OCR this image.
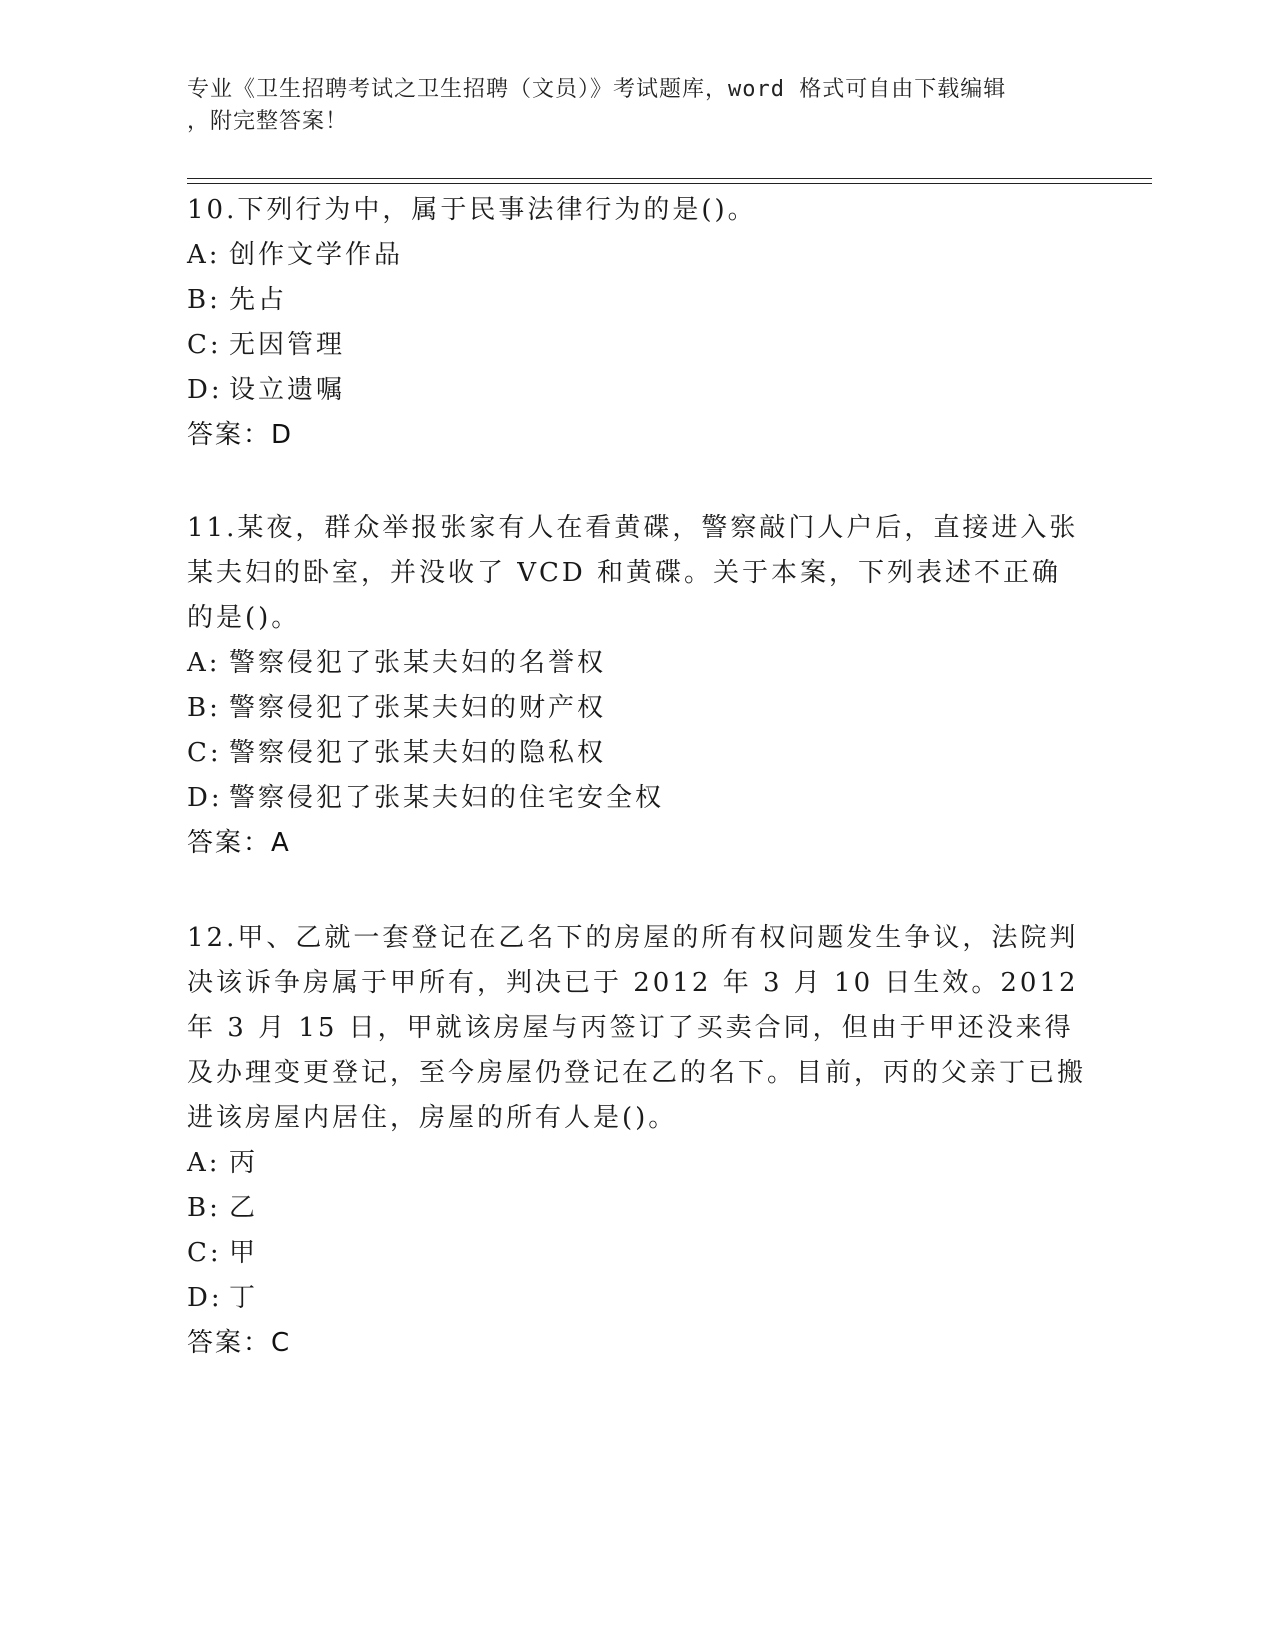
专业《卫生招聘考试之卫生招聘（文员）》考试题库，word 格式可自由下载编辑
，附完整答案！

10.下列行为中，属于民事法律行为的是()。

A: 创作文学作品

B: 先占

C: 无因管理

D: 设立遗嘱

答案：D

11.某夜，群众举报张家有人在看黄碟，警察敲门人户后，直接进入张某夫妇的卧室，并没收了 VCD 和黄碟。关于本案，下列表述不正确的是()。

A: 警察侵犯了张某夫妇的名誉权

B: 警察侵犯了张某夫妇的财产权

C: 警察侵犯了张某夫妇的隐私权

D: 警察侵犯了张某夫妇的住宅安全权

答案：A

12.甲、乙就一套登记在乙名下的房屋的所有权问题发生争议，法院判决该诉争房属于甲所有，判决已于 2012 年 3 月 10 日生效。2012 年 3 月 15 日，甲就该房屋与丙签订了买卖合同，但由于甲还没来得及办理变更登记，至今房屋仍登记在乙的名下。目前，丙的父亲丁已搬进该房屋内居住，房屋的所有人是()。

A: 丙

B: 乙

C: 甲

D: 丁

答案：C
